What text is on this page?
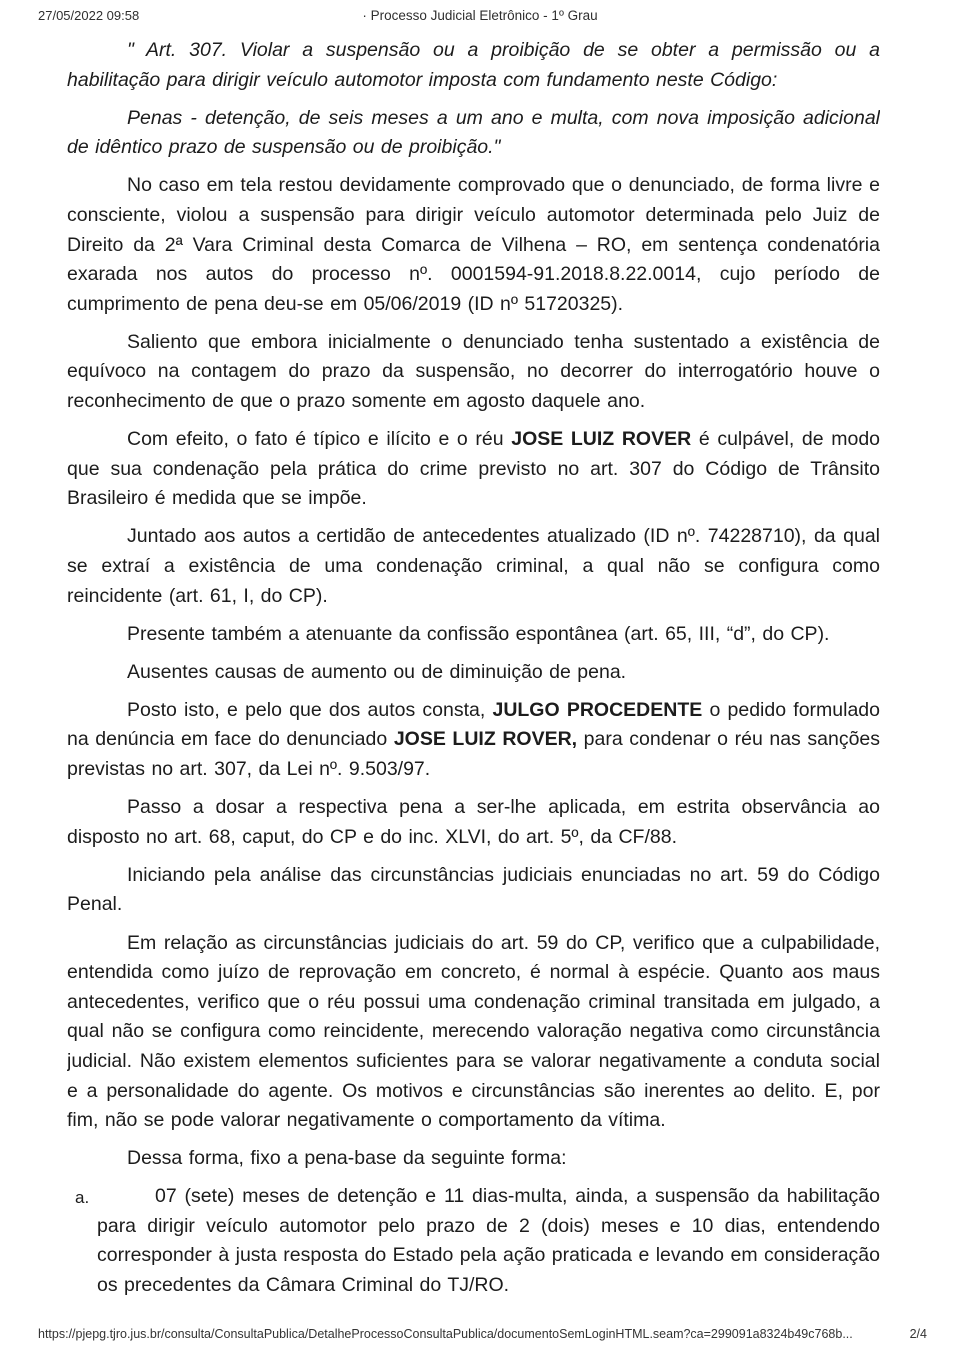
27/05/2022 09:58	· Processo Judicial Eletrônico - 1º Grau

" Art. 307. Violar a suspensão ou a proibição de se obter a permissão ou a habilitação para dirigir veículo automotor imposta com fundamento neste Código:

Penas - detenção, de seis meses a um ano e multa, com nova imposição adicional de idêntico prazo de suspensão ou de proibição."

No caso em tela restou devidamente comprovado que o denunciado, de forma livre e consciente, violou a suspensão para dirigir veículo automotor determinada pelo Juiz de Direito da 2ª Vara Criminal desta Comarca de Vilhena – RO, em sentença condenatória exarada nos autos do processo nº. 0001594-91.2018.8.22.0014, cujo período de cumprimento de pena deu-se em 05/06/2019 (ID nº 51720325).

Saliento que embora inicialmente o denunciado tenha sustentado a existência de equívoco na contagem do prazo da suspensão, no decorrer do interrogatório houve o reconhecimento de que o prazo somente em agosto daquele ano.

Com efeito, o fato é típico e ilícito e o réu JOSE LUIZ ROVER é culpável, de modo que sua condenação pela prática do crime previsto no art. 307 do Código de Trânsito Brasileiro é medida que se impõe.

Juntado aos autos a certidão de antecedentes atualizado (ID nº. 74228710), da qual se extraí a existência de uma condenação criminal, a qual não se configura como reincidente (art. 61, I, do CP).

Presente também a atenuante da confissão espontânea (art. 65, III, “d”, do CP).

Ausentes causas de aumento ou de diminuição de pena.

Posto isto, e pelo que dos autos consta, JULGO PROCEDENTE o pedido formulado na denúncia em face do denunciado JOSE LUIZ ROVER, para condenar o réu nas sanções previstas no art. 307, da Lei nº. 9.503/97.

Passo a dosar a respectiva pena a ser-lhe aplicada, em estrita observância ao disposto no art. 68, caput, do CP e do inc. XLVI, do art. 5º, da CF/88.

Iniciando pela análise das circunstâncias judiciais enunciadas no art. 59 do Código Penal.

Em relação as circunstâncias judiciais do art. 59 do CP, verifico que a culpabilidade, entendida como juízo de reprovação em concreto, é normal à espécie. Quanto aos maus antecedentes, verifico que o réu possui uma condenação criminal transitada em julgado, a qual não se configura como reincidente, merecendo valoração negativa como circunstância judicial. Não existem elementos suficientes para se valorar negativamente a conduta social e a personalidade do agente. Os motivos e circunstâncias são inerentes ao delito. E, por fim, não se pode valorar negativamente o comportamento da vítima.

Dessa forma, fixo a pena-base da seguinte forma:

a.	07 (sete) meses de detenção e 11 dias-multa, ainda, a suspensão da habilitação para dirigir veículo automotor pelo prazo de 2 (dois) meses e 10 dias, entendendo corresponder à justa resposta do Estado pela ação praticada e levando em consideração os precedentes da Câmara Criminal do TJ/RO.

https://pjepg.tjro.jus.br/consulta/ConsultaPublica/DetalheProcessoConsultaPublica/documentoSemLoginHTML.seam?ca=299091a8324b49c768b...	2/4
